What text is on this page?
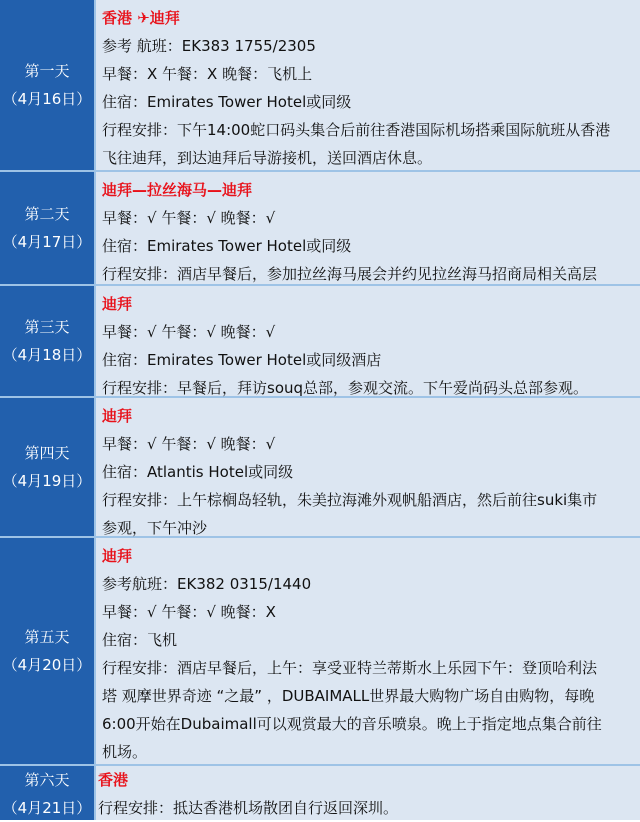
第一天
（4月16日）
香港 ✈迪拜
参考 航班：EK383 1755/2305
早餐：X 午餐：X 晚餐：飞机上
住宿：Emirates Tower Hotel或同级
行程安排：下午14:00蛇口码头集合后前往香港国际机场搭乘国际航班从香港
飞往迪拜，到达迪拜后导游接机，送回酒店休息。
第二天
（4月17日）
迪拜—拉丝海马—迪拜
早餐：√ 午餐：√ 晚餐：√
住宿：Emirates Tower Hotel或同级
行程安排：酒店早餐后，参加拉丝海马展会并约见拉丝海马招商局相关高层
第三天
（4月18日）
迪拜
早餐：√ 午餐：√ 晚餐：√
住宿：Emirates Tower Hotel或同级酒店
行程安排：早餐后，拜访souq总部，参观交流。下午爱尚码头总部参观。
第四天
（4月19日）
迪拜
早餐：√ 午餐：√ 晚餐：√
住宿：Atlantis Hotel或同级
行程安排：上午棕榈岛轻轨，朱美拉海滩外观帆船酒店，然后前往suki集市
参观，下午冲沙
第五天
（4月20日）
迪拜
参考航班：EK382 0315/1440
早餐：√ 午餐：√ 晚餐：X
住宿：飞机
行程安排：酒店早餐后，上午：享受亚特兰蒂斯水上乐园下午：登顶哈利法
塔 观摩世界奇迹 “之最” ，DUBAIMALL世界最大购物广场自由购物，每晚
6:00开始在Dubaimall可以观赏最大的音乐喷泉。晚上于指定地点集合前往
机场。
第六天
（4月21日）
香港
行程安排：抵达香港机场散团自行返回深圳。
